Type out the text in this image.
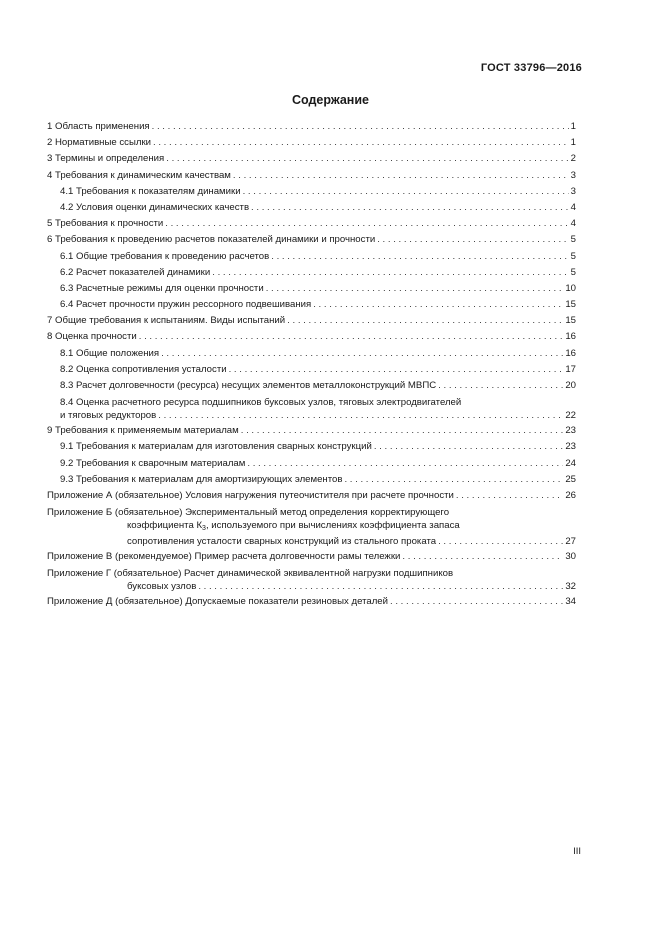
ГОСТ 33796—2016
Содержание
1 Область применения . . .	1
2 Нормативные ссылки . . .	1
3 Термины и определения . . .	2
4 Требования к динамическим качествам . . .	3
4.1 Требования к показателям динамики . . .	3
4.2 Условия оценки динамических качеств . . .	4
5 Требования к прочности . . .	4
6 Требования к проведению расчетов показателей динамики и прочности . . .	5
6.1 Общие требования к проведению расчетов . . .	5
6.2 Расчет показателей динамики . . .	5
6.3 Расчетные режимы для оценки прочности . . .	10
6.4 Расчет прочности пружин рессорного подвешивания . . .	15
7 Общие требования к испытаниям. Виды испытаний . . .	15
8 Оценка прочности . . .	16
8.1 Общие положения . . .	16
8.2 Оценка сопротивления усталости . . .	17
8.3 Расчет долговечности (ресурса) несущих элементов металлоконструкций МВПС . . .	20
8.4 Оценка расчетного ресурса подшипников буксовых узлов, тяговых электродвигателей
и тяговых редукторов . . .	22
9 Требования к применяемым материалам . . .	23
9.1 Требования к материалам для изготовления сварных конструкций . . .	23
9.2 Требования к сварочным материалам . . .	24
9.3 Требования к материалам для амортизирующих элементов . . .	25
Приложение А (обязательное) Условия нагружения путеочистителя при расчете прочности . . .	26
Приложение Б (обязательное) Экспериментальный метод определения корректирующего
коэффициента $К_3$, используемого при вычислениях коэффициента запаса
сопротивления усталости сварных конструкций из стального проката . . .	27
Приложение В (рекомендуемое) Пример расчета долговечности рамы тележки . . .	30
Приложение Г (обязательное) Расчет динамической эквивалентной нагрузки подшипников
буксовых узлов . . .	32
Приложение Д (обязательное) Допускаемые показатели резиновых деталей . . .	34
III
